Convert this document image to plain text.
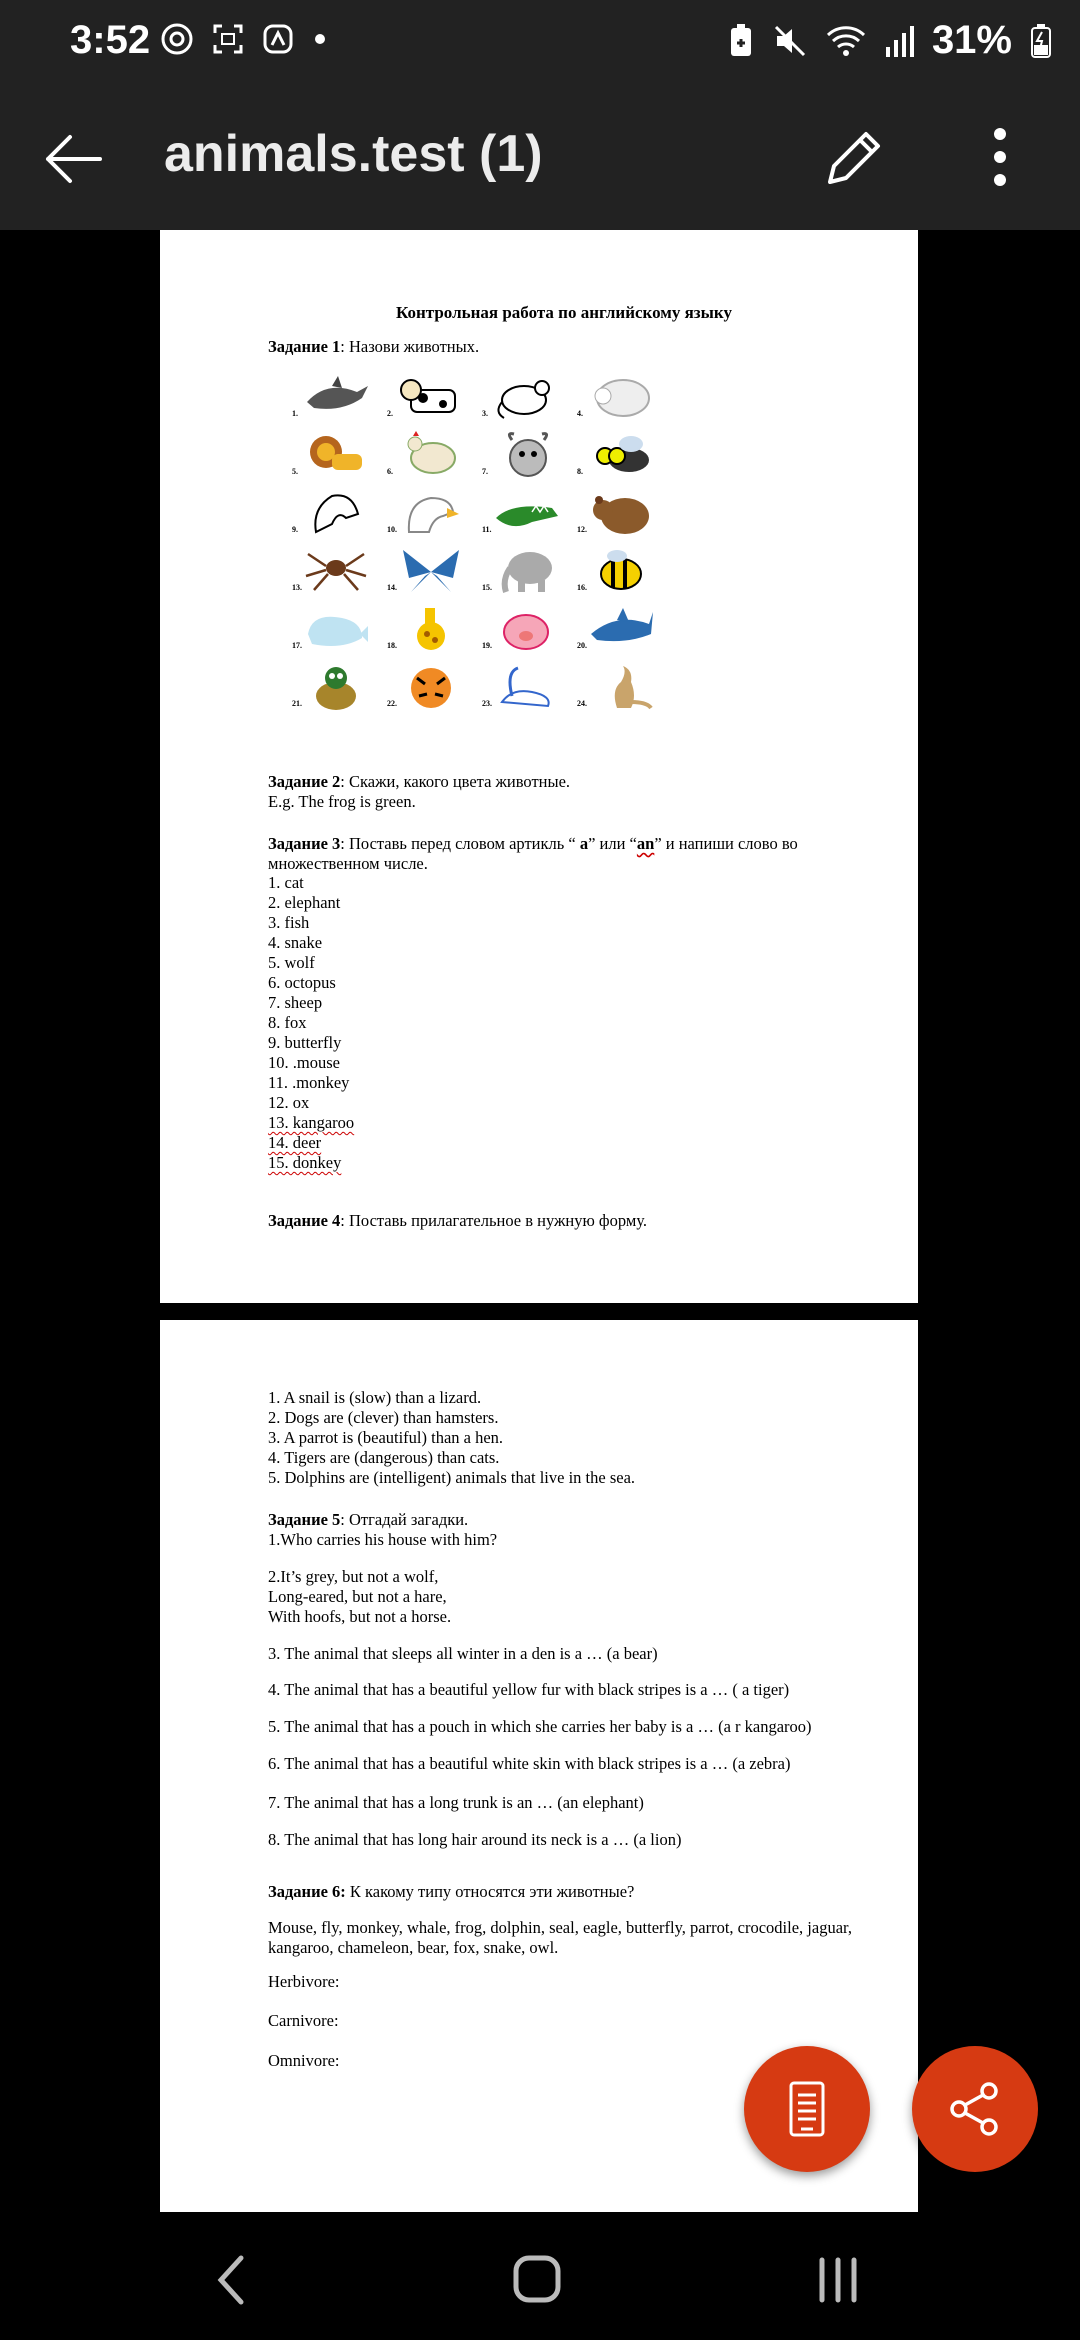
3:52	31%
animals.test (1)
Контрольная работа по английскому языку
Задание 1: Назови животных.
1.	2.	3.	4.
5.	6.	7.	8.
9.	10.	11.	12.
13.	14.	15.	16.
17.	18.	19.	20.
21.	22.	23.	24.
Задание 2: Скажи, какого цвета животные.
E.g. The frog is green.
Задание 3: Поставь перед словом артикль “ a” или “an” и напиши слово во множественном числе.
1. cat
2. elephant
3. fish
4. snake
5. wolf
6. octopus
7. sheep
8. fox
9. butterfly
10. .mouse
11. .monkey
12. ox
13. kangaroo
14. deer
15. donkey
Задание 4: Поставь прилагательное в нужную форму.
1. A snail is (slow) than a lizard.
2. Dogs are (clever) than hamsters.
3. A parrot is (beautiful) than a hen.
4. Tigers are (dangerous) than cats.
5. Dolphins are (intelligent) animals that live in the sea.
Задание 5: Отгадай загадки.
1.Who carries his house with him?
2.It’s grey, but not a wolf,
Long-eared, but not a hare,
With hoofs, but not a horse.
3. The animal that sleeps all winter in a den is a … (a bear)
4. The animal that has a beautiful yellow fur with black stripes is a … ( a tiger)
5. The animal that has a pouch in which she carries her baby is a … (a r kangaroo)
6. The animal that has a beautiful white skin with black stripes is a … (a zebra)
7. The animal that has a long trunk is an … (an elephant)
8. The animal that has long hair around its neck is a … (a lion)
Задание 6: К какому типу относятся эти животные?
Mouse, fly, monkey, whale, frog, dolphin, seal, eagle, butterfly, parrot, crocodile, jaguar, kangaroo, chameleon, bear, fox, snake, owl.
Herbivore:
Carnivore:
Omnivore:
